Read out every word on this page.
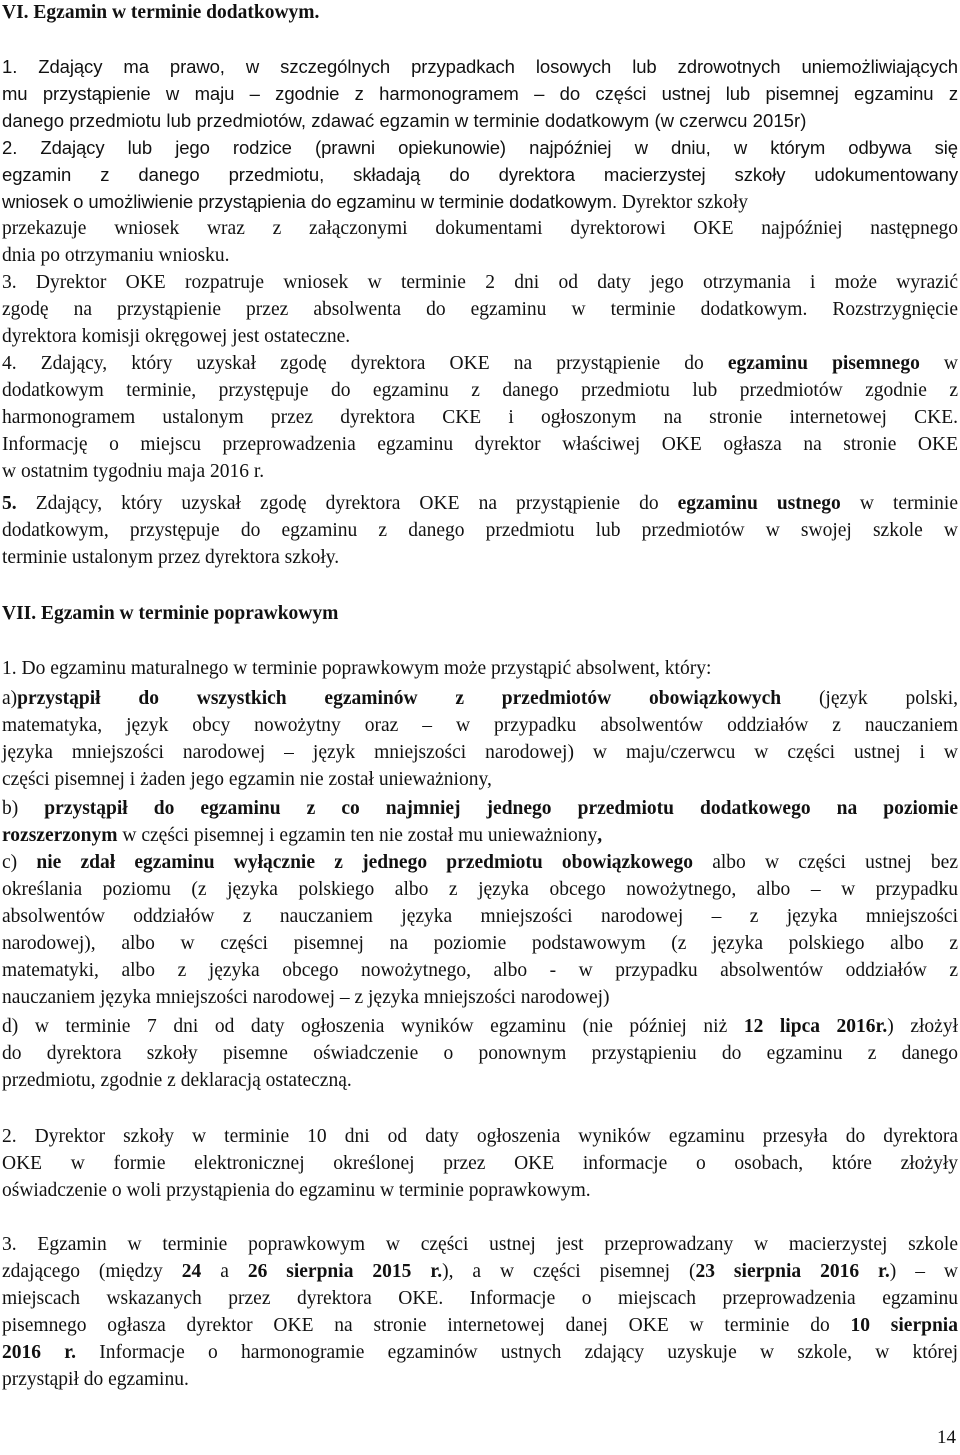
VI. Egzamin w terminie dodatkowym.
1. Zdający ma prawo, w szczególnych przypadkach losowych lub zdrowotnych uniemożliwiających
mu przystąpienie w maju – zgodnie z harmonogramem – do części ustnej lub pisemnej egzaminu z
danego przedmiotu lub przedmiotów, zdawać egzamin w terminie dodatkowym (w czerwcu 2015r)
2. Zdający lub jego rodzice (prawni opiekunowie) najpóźniej w dniu, w którym odbywa się
egzamin z danego przedmiotu, składają do dyrektora macierzystej szkoły udokumentowany
wniosek o umożliwienie przystąpienia do egzaminu w terminie dodatkowym. Dyrektor szkoły
przekazuje wniosek wraz z załączonymi dokumentami dyrektorowi OKE najpóźniej następnego
dnia po otrzymaniu wniosku.
3. Dyrektor OKE rozpatruje wniosek w terminie 2 dni od daty jego otrzymania i może wyrazić
zgodę na przystąpienie przez absolwenta do egzaminu w terminie dodatkowym. Rozstrzygnięcie
dyrektora komisji okręgowej jest ostateczne.
4. Zdający, który uzyskał zgodę dyrektora OKE na przystąpienie do egzaminu pisemnego w
dodatkowym terminie, przystępuje do egzaminu z danego przedmiotu lub przedmiotów zgodnie z
harmonogramem ustalonym przez dyrektora CKE i ogłoszonym na stronie internetowej CKE.
Informację o miejscu przeprowadzenia egzaminu dyrektor właściwej OKE ogłasza na stronie OKE
w ostatnim tygodniu maja 2016 r.
5. Zdający, który uzyskał zgodę dyrektora OKE na przystąpienie do egzaminu ustnego w terminie
dodatkowym, przystępuje do egzaminu z danego przedmiotu lub przedmiotów w swojej szkole w
terminie ustalonym przez dyrektora szkoły.
VII. Egzamin w terminie poprawkowym
1. Do egzaminu maturalnego w terminie poprawkowym może przystąpić absolwent, który:
a)przystąpił do wszystkich egzaminów z przedmiotów obowiązkowych (język polski,
matematyka, język obcy nowożytny oraz – w przypadku absolwentów oddziałów z nauczaniem
języka mniejszości narodowej – język mniejszości narodowej) w maju/czerwcu w części ustnej i w
części pisemnej i żaden jego egzamin nie został unieważniony,
b) przystąpił do egzaminu z co najmniej jednego przedmiotu dodatkowego na poziomie
rozszerzonym w części pisemnej i egzamin ten nie został mu unieważniony,
c) nie zdał egzaminu wyłącznie z jednego przedmiotu obowiązkowego albo w części ustnej bez
określania poziomu (z języka polskiego albo z języka obcego nowożytnego, albo – w przypadku
absolwentów oddziałów z nauczaniem języka mniejszości narodowej – z języka mniejszości
narodowej), albo w części pisemnej na poziomie podstawowym (z języka polskiego albo z
matematyki, albo z języka obcego nowożytnego, albo - w przypadku absolwentów oddziałów z
nauczaniem języka mniejszości narodowej – z języka mniejszości narodowej)
d) w terminie 7 dni od daty ogłoszenia wyników egzaminu (nie później niż 12 lipca 2016r.) złożył
do dyrektora szkoły pisemne oświadczenie o ponownym przystąpieniu do egzaminu z danego
przedmiotu, zgodnie z deklaracją ostateczną.
2. Dyrektor szkoły w terminie 10 dni od daty ogłoszenia wyników egzaminu przesyła do dyrektora
OKE w formie elektronicznej określonej przez OKE informacje o osobach, które złożyły
oświadczenie o woli przystąpienia do egzaminu w terminie poprawkowym.
3. Egzamin w terminie poprawkowym w części ustnej jest przeprowadzany w macierzystej szkole
zdającego (między 24 a 26 sierpnia 2015 r.), a w części pisemnej (23 sierpnia 2016 r.) – w
miejscach wskazanych przez dyrektora OKE. Informacje o miejscach przeprowadzenia egzaminu
pisemnego ogłasza dyrektor OKE na stronie internetowej danej OKE w terminie do 10 sierpnia
2016 r. Informacje o harmonogramie egzaminów ustnych zdający uzyskuje w szkole, w której
przystąpił do egzaminu.
14
